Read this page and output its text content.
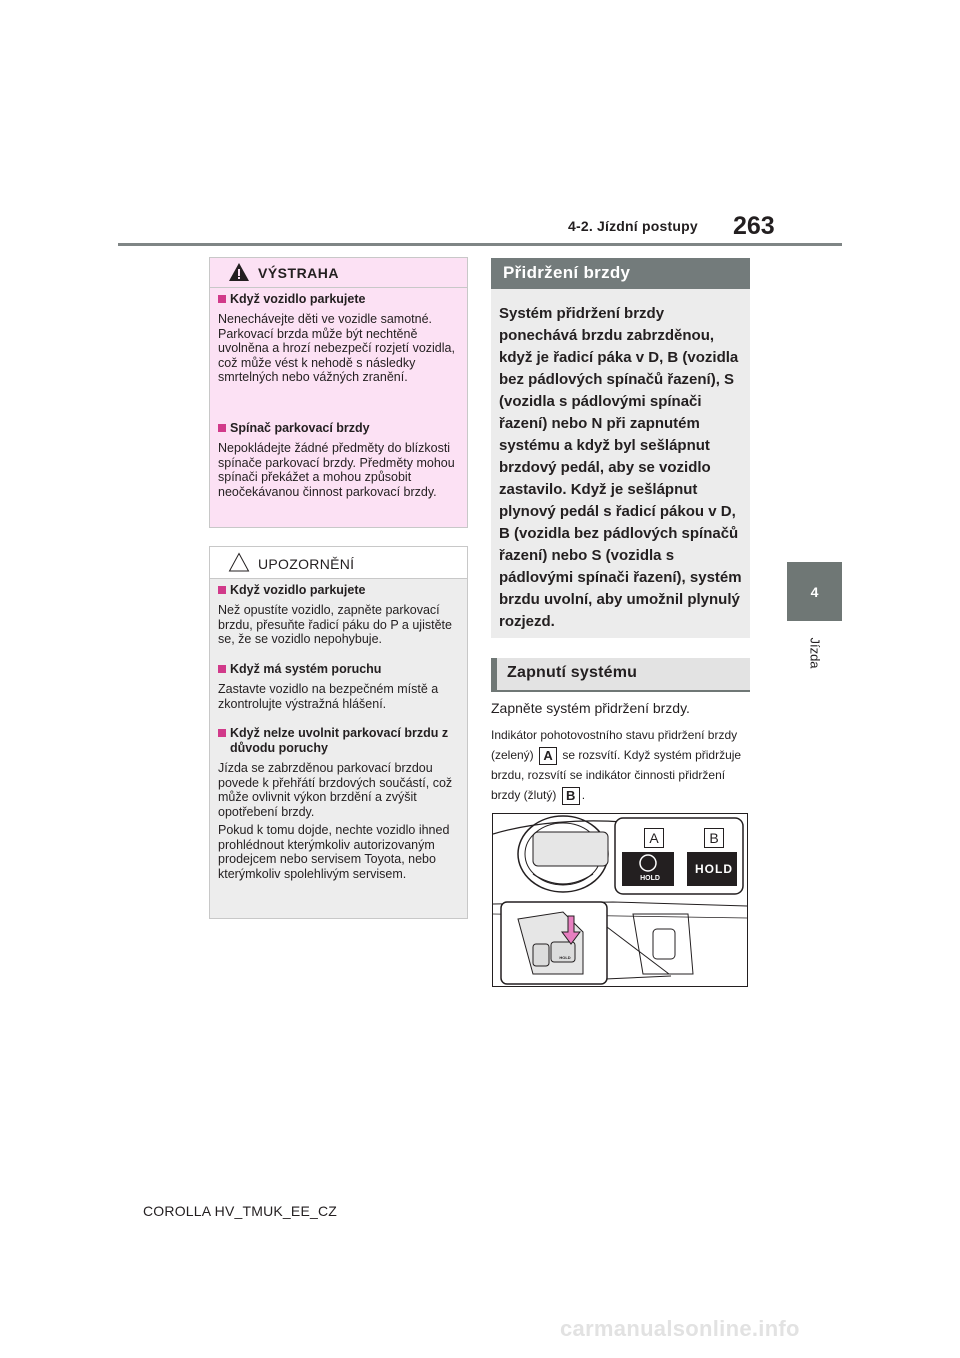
4-2. Jízdní postupy 263
4
Jízda
VÝSTRAHA
Když vozidlo parkujete
Nenechávejte děti ve vozidle samotné. Parkovací brzda může být nechtěně uvolněna a hrozí nebezpečí rozjetí vozidla, což může vést k nehodě s následky smrtelných nebo vážných zranění.
Spínač parkovací brzdy
Nepokládejte žádné předměty do blízkosti spínače parkovací brzdy. Předměty mohou spínači překážet a mohou způsobit neočekávanou činnost parkovací brzdy.
UPOZORNĚNÍ
Když vozidlo parkujete
Než opustíte vozidlo, zapněte parkovací brzdu, přesuňte řadicí páku do P a ujistěte se, že se vozidlo nepohybuje.
Když má systém poruchu
Zastavte vozidlo na bezpečném místě a zkontrolujte výstražná hlášení.
Když nelze uvolnit parkovací brzdu z důvodu poruchy
Jízda se zabrzděnou parkovací brzdou povede k přehřátí brzdových součástí, což může ovlivnit výkon brzdění a zvýšit opotřebení brzdy.
Pokud k tomu dojde, nechte vozidlo ihned prohlédnout kterýmkoliv autorizovaným prodejcem nebo servisem Toyota, nebo kterýmkoliv spolehlivým servisem.
Přidržení brzdy

Systém přidržení brzdy ponechává brzdu zabrzděnou, když je řadicí páka v D, B (vozidla bez pádlových spínačů řazení), S (vozidla s pádlovými spínači řazení) nebo N při zapnutém systému a když byl sešlápnut brzdový pedál, aby se vozidlo zastavilo. Když je sešlápnut plynový pedál s řadicí pákou v D, B (vozidla bez pádlových spínačů řazení) nebo S (vozidla s pádlovými spínači řazení), systém brzdu uvolní, aby umožnil plynulý rozjezd.

Zapnutí systému
Zapněte systém přidržení brzdy.
Indikátor pohotovostního stavu přidržení brzdy (zelený) A se rozsvítí. Když systém přidržuje brzdu, rozsvítí se indikátor činnosti přidržení brzdy (žlutý) B .
A	B
HOLD
HOLD
HOLD
COROLLA HV_TMUK_EE_CZ
carmanualsonline.info
